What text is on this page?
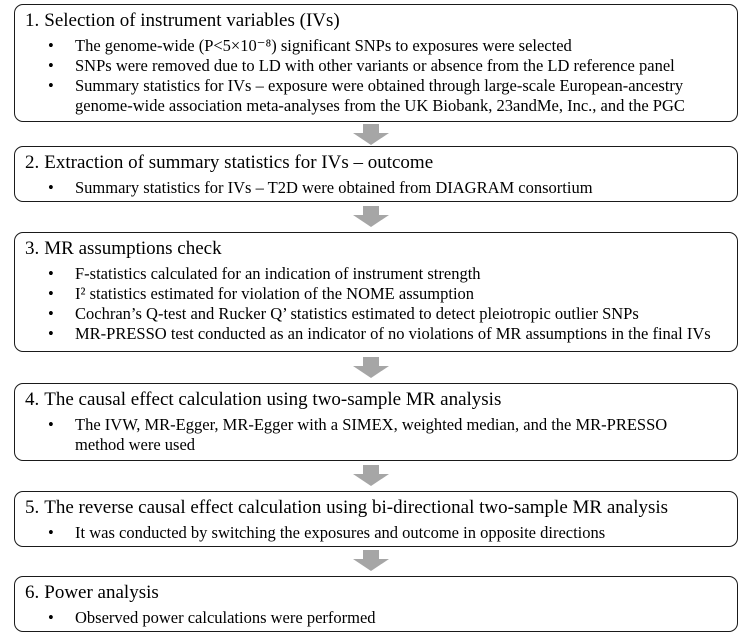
1. Selection of instrument variables (IVs)

• The genome-wide (P<5×10⁻⁸) significant SNPs to exposures were selected
• SNPs were removed due to LD with other variants or absence from the LD reference panel
• Summary statistics for IVs – exposure were obtained through large-scale European-ancestry
genome-wide association meta-analyses from the UK Biobank, 23andMe, Inc., and the PGC

2. Extraction of summary statistics for IVs – outcome

• Summary statistics for IVs – T2D were obtained from DIAGRAM consortium

3. MR assumptions check

• F-statistics calculated for an indication of instrument strength
• I² statistics estimated for violation of the NOME assumption
• Cochran’s Q-test and Rucker Q’ statistics estimated to detect pleiotropic outlier SNPs
• MR-PRESSO test conducted as an indicator of no violations of MR assumptions in the final IVs

4. The causal effect calculation using two-sample MR analysis

• The IVW, MR-Egger, MR-Egger with a SIMEX, weighted median, and the MR-PRESSO
method were used

5. The reverse causal effect calculation using bi-directional two-sample MR analysis

• It was conducted by switching the exposures and outcome in opposite directions

6. Power analysis

• Observed power calculations were performed
